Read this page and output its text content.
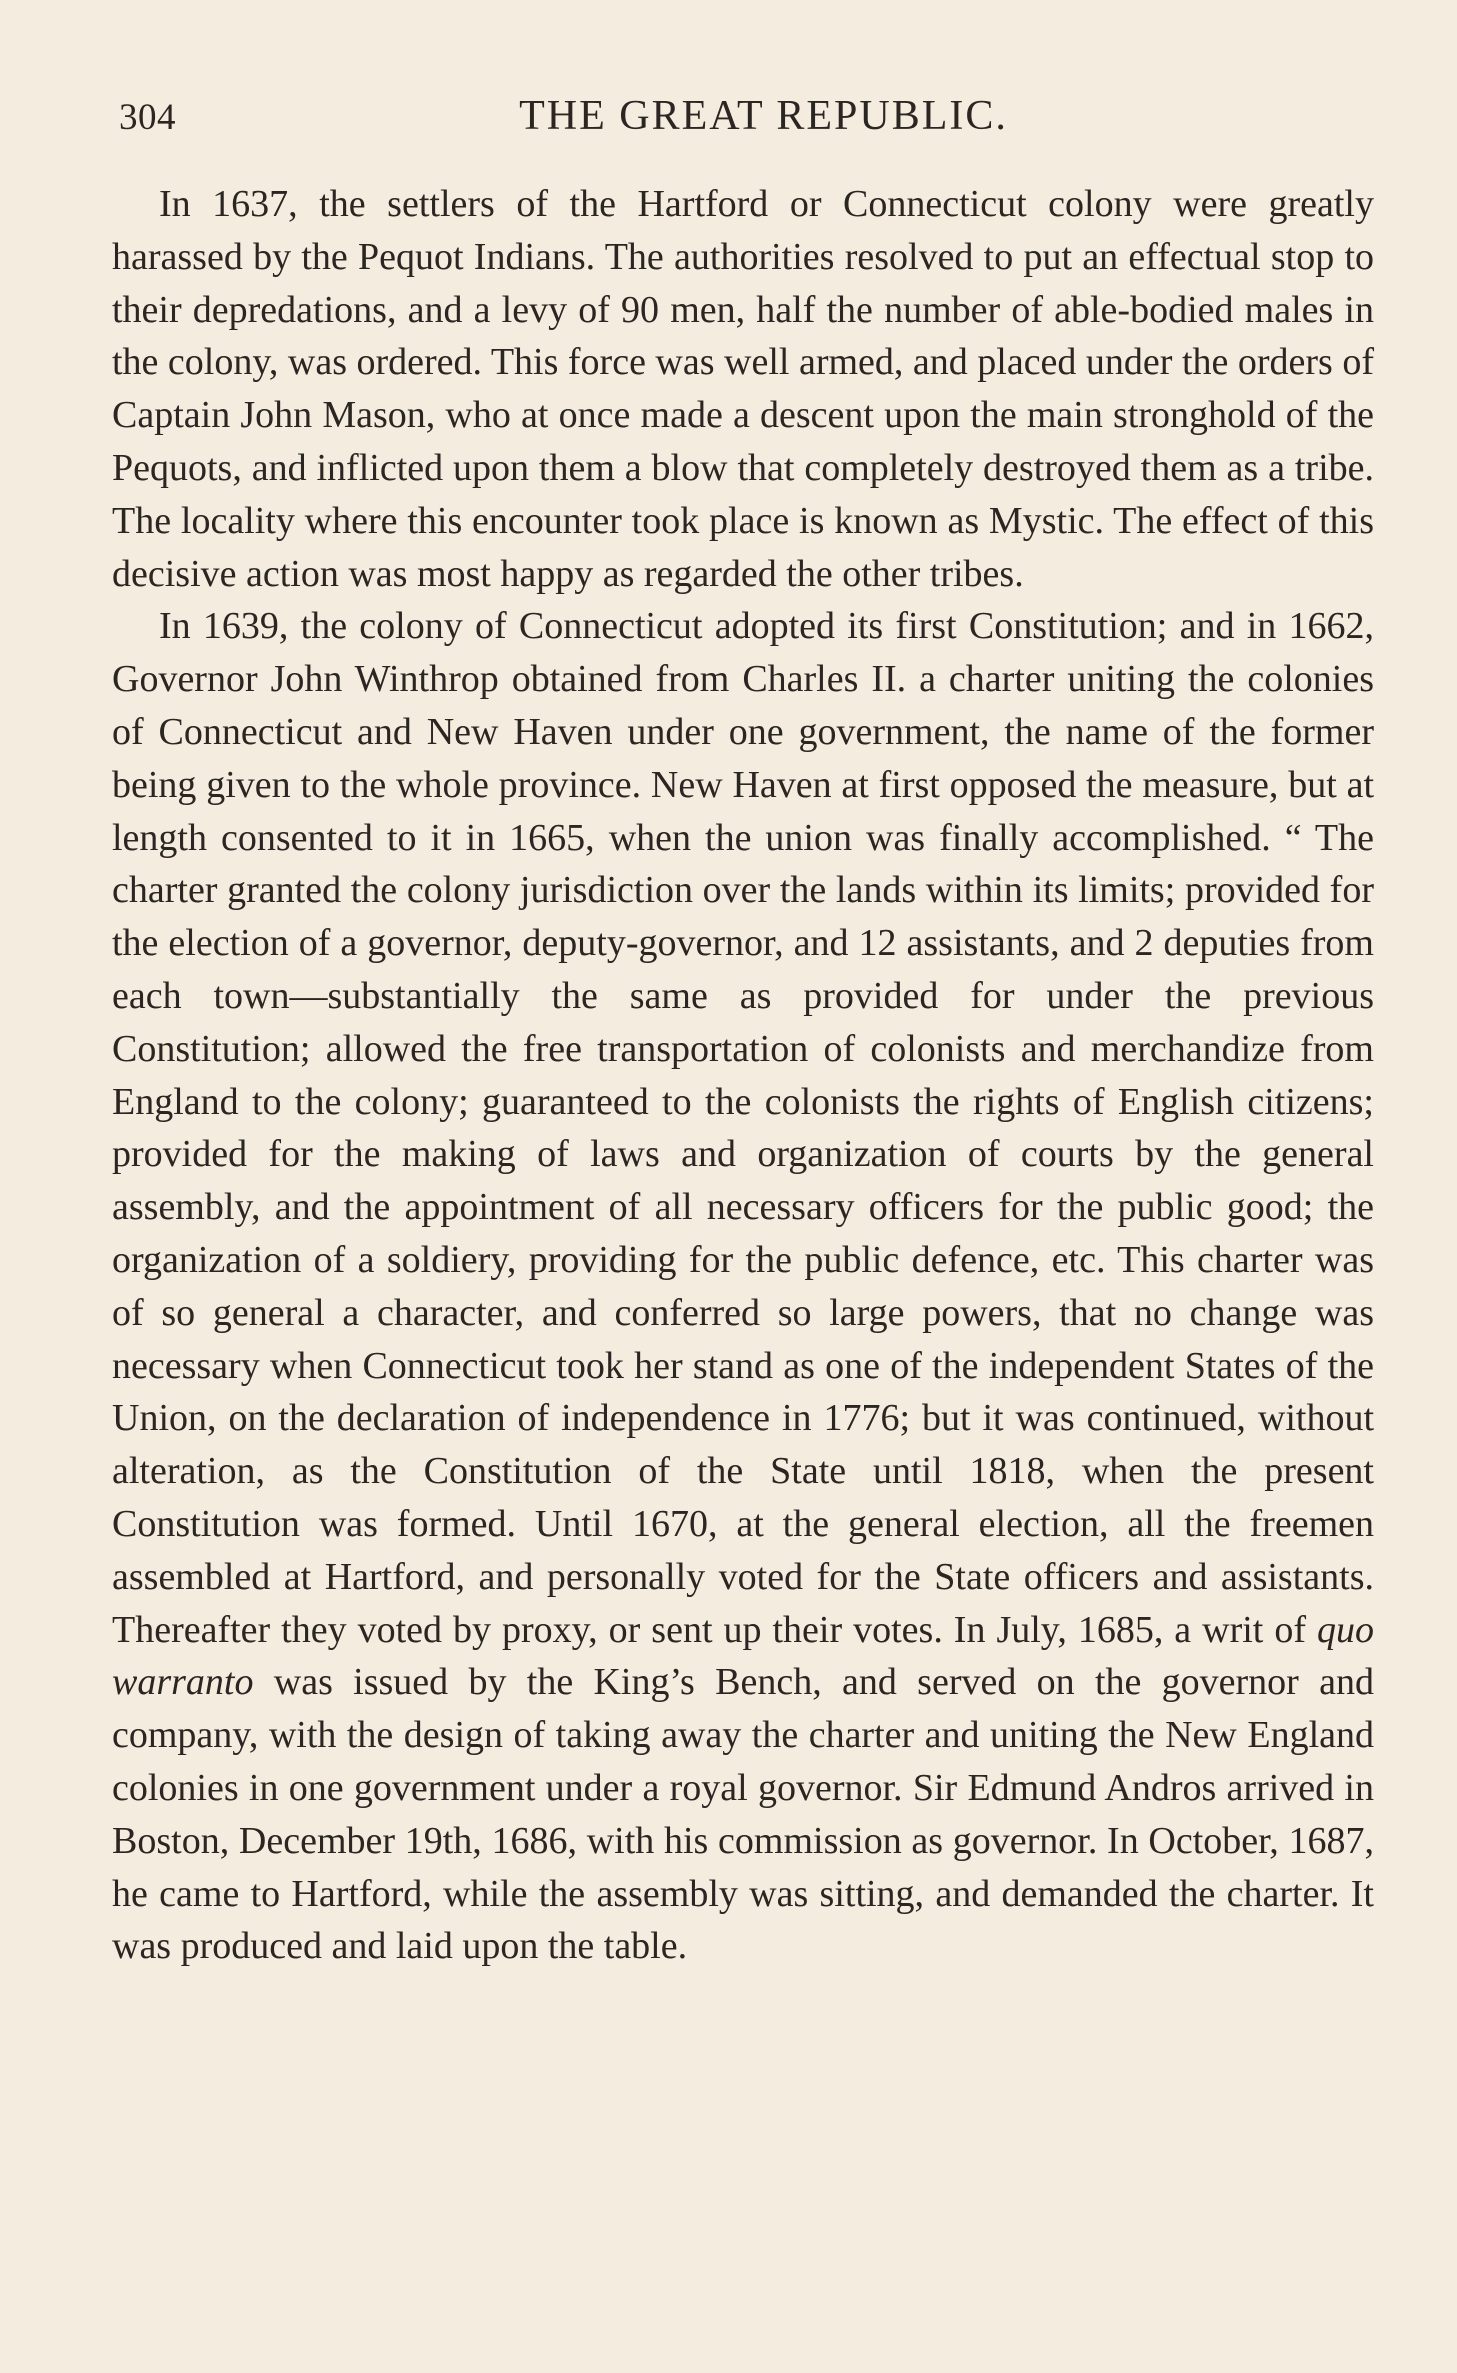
304	THE GREAT REPUBLIC.

In 1637, the settlers of the Hartford or Connecticut colony were greatly harassed by the Pequot Indians. The authorities resolved to put an effectual stop to their depredations, and a levy of 90 men, half the number of able-bodied males in the colony, was ordered. This force was well armed, and placed under the orders of Captain John Mason, who at once made a descent upon the main stronghold of the Pequots, and inflicted upon them a blow that completely destroyed them as a tribe. The locality where this encounter took place is known as Mystic. The effect of this decisive action was most happy as regarded the other tribes.

In 1639, the colony of Connecticut adopted its first Constitution; and in 1662, Governor John Winthrop obtained from Charles II. a charter uniting the colonies of Connecticut and New Haven under one government, the name of the former being given to the whole province. New Haven at first opposed the measure, but at length consented to it in 1665, when the union was finally accomplished. “ The charter granted the colony jurisdiction over the lands within its limits; provided for the election of a governor, deputy-governor, and 12 assistants, and 2 deputies from each town—substantially the same as provided for under the previous Constitution; allowed the free transportation of colonists and merchandize from England to the colony; guaranteed to the colonists the rights of English citizens; provided for the making of laws and organization of courts by the general assembly, and the appointment of all necessary officers for the public good; the organization of a soldiery, providing for the public defence, etc. This charter was of so general a character, and conferred so large powers, that no change was necessary when Connecticut took her stand as one of the independent States of the Union, on the declaration of independence in 1776; but it was continued, without alteration, as the Constitution of the State until 1818, when the present Constitution was formed. Until 1670, at the general election, all the freemen assembled at Hartford, and personally voted for the State officers and assistants. Thereafter they voted by proxy, or sent up their votes. In July, 1685, a writ of quo warranto was issued by the King’s Bench, and served on the governor and company, with the design of taking away the charter and uniting the New England colonies in one government under a royal governor. Sir Edmund Andros arrived in Boston, December 19th, 1686, with his commission as governor. In October, 1687, he came to Hartford, while the assembly was sitting, and demanded the charter. It was produced and laid upon the table.
